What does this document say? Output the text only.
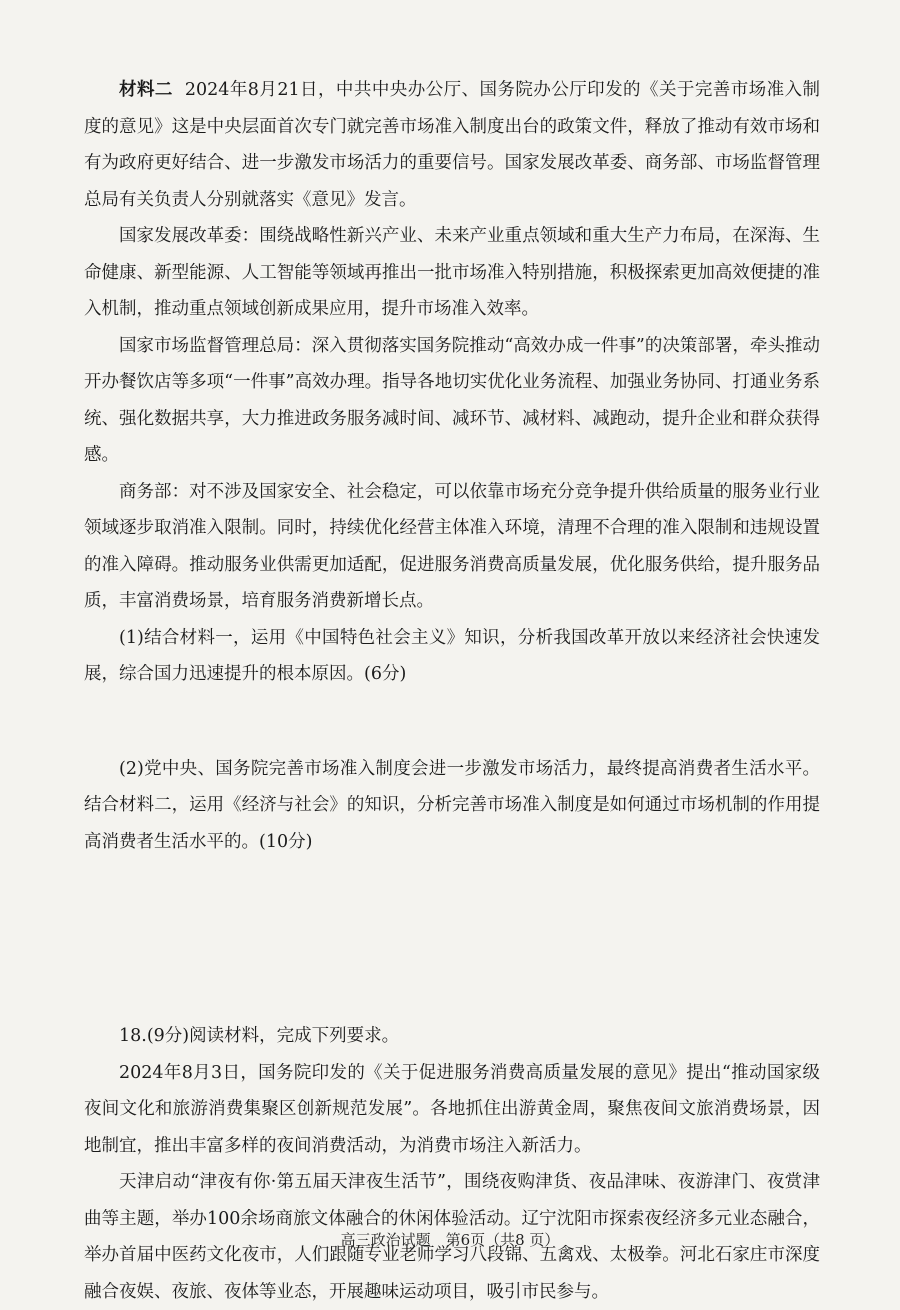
材料二 2024年8月21日，中共中央办公厅、国务院办公厅印发的《关于完善市场准入制度的意见》这是中央层面首次专门就完善市场准入制度出台的政策文件，释放了推动有效市场和有为政府更好结合、进一步激发市场活力的重要信号。国家发展改革委、商务部、市场监督管理总局有关负责人分别就落实《意见》发言。

国家发展改革委：围绕战略性新兴产业、未来产业重点领域和重大生产力布局，在深海、生命健康、新型能源、人工智能等领域再推出一批市场准入特别措施，积极探索更加高效便捷的准入机制，推动重点领域创新成果应用，提升市场准入效率。

国家市场监督管理总局：深入贯彻落实国务院推动“高效办成一件事”的决策部署，牵头推动开办餐饮店等多项“一件事”高效办理。指导各地切实优化业务流程、加强业务协同、打通业务系统、强化数据共享，大力推进政务服务减时间、减环节、减材料、减跑动，提升企业和群众获得感。

商务部：对不涉及国家安全、社会稳定，可以依靠市场充分竞争提升供给质量的服务业行业领域逐步取消准入限制。同时，持续优化经营主体准入环境，清理不合理的准入限制和违规设置的准入障碍。推动服务业供需更加适配，促进服务消费高质量发展，优化服务供给，提升服务品质，丰富消费场景，培育服务消费新增长点。

(1)结合材料一，运用《中国特色社会主义》知识，分析我国改革开放以来经济社会快速发展，综合国力迅速提升的根本原因。(6分)

(2)党中央、国务院完善市场准入制度会进一步激发市场活力，最终提高消费者生活水平。结合材料二，运用《经济与社会》的知识，分析完善市场准入制度是如何通过市场机制的作用提高消费者生活水平的。(10分)

18.(9分)阅读材料，完成下列要求。

2024年8月3日，国务院印发的《关于促进服务消费高质量发展的意见》提出“推动国家级夜间文化和旅游消费集聚区创新规范发展”。各地抓住出游黄金周，聚焦夜间文旅消费场景，因地制宜，推出丰富多样的夜间消费活动，为消费市场注入新活力。

天津启动“津夜有你·第五届天津夜生活节”，围绕夜购津货、夜品津味、夜游津门、夜赏津曲等主题，举办100余场商旅文体融合的休闲体验活动。辽宁沈阳市探索夜经济多元业态融合，举办首届中医药文化夜市，人们跟随专业老师学习八段锦、五禽戏、太极拳。河北石家庄市深度融合夜娱、夜旅、夜体等业态，开展趣味运动项目，吸引市民参与。

高三政治试题　第6页（共8 页）
